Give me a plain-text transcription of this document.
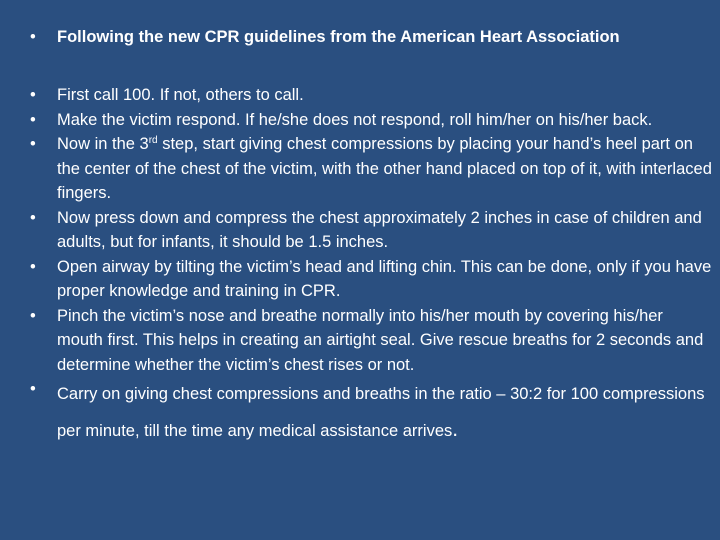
•	Following the new CPR guidelines from the American Heart Association
•	First call 100. If not, others to call.
•	Make the victim respond. If he/she does not respond, roll him/her on his/her back.
•	Now in the 3rd step, start giving chest compressions by placing your hand’s heel part on the center of the chest of the victim, with the other hand placed on top of it, with interlaced fingers.
•	Now press down and compress the chest approximately 2 inches in case of children and adults, but for infants, it should be 1.5 inches.
•	Open airway by tilting the victim’s head and lifting chin. This can be done, only if you have proper knowledge and training in CPR.
•	Pinch the victim’s nose and breathe normally into his/her mouth by covering his/her mouth first. This helps in creating an airtight seal. Give rescue breaths for 2 seconds and determine whether the victim’s chest rises or not.
•	Carry on giving chest compressions and breaths in the ratio – 30:2 for 100 compressions per minute, till the time any medical assistance arrives.
